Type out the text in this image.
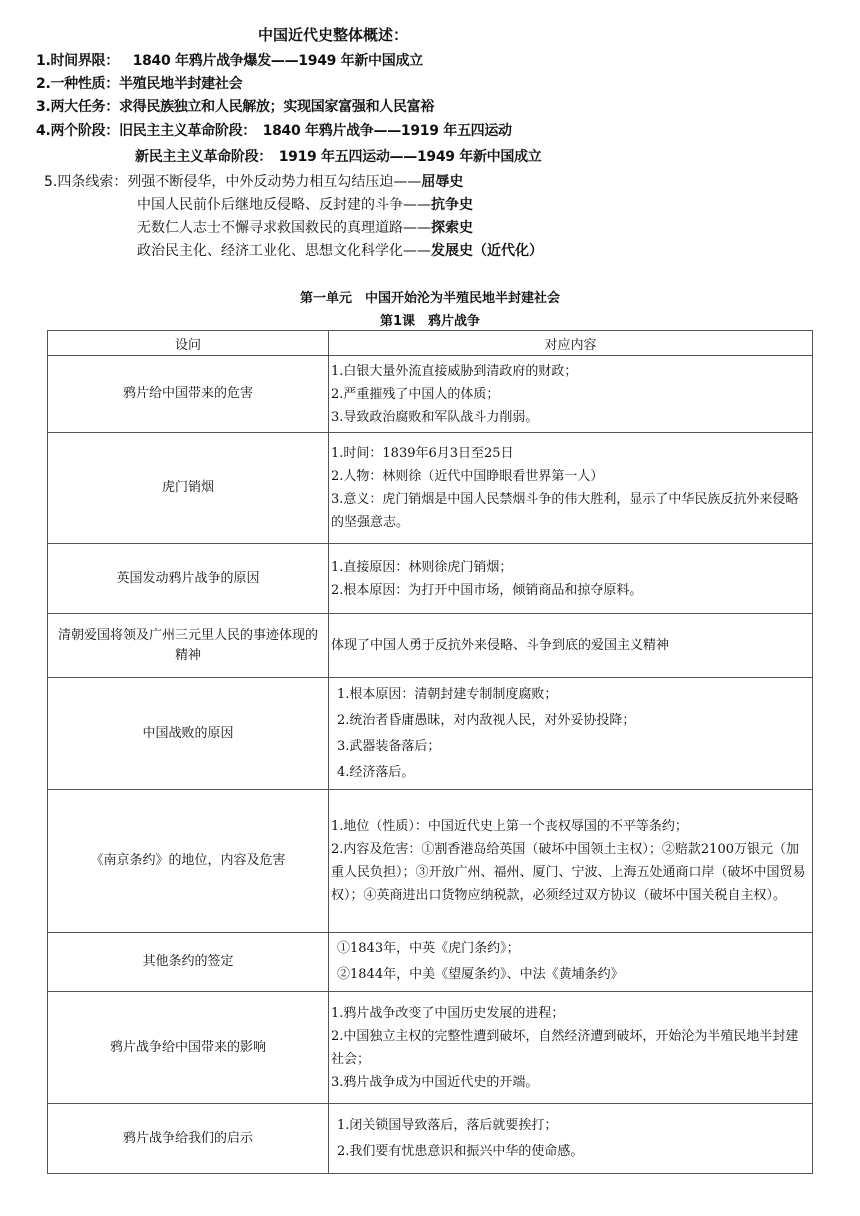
中国近代史整体概述：
1.时间界限：　1840 年鸦片战争爆发——1949 年新中国成立
2.一种性质：半殖民地半封建社会
3.两大任务：求得民族独立和人民解放；实现国家富强和人民富裕
4.两个阶段：旧民主主义革命阶段：　1840 年鸦片战争——1919 年五四运动
新民主主义革命阶段：　1919 年五四运动——1949 年新中国成立
5.四条线索：列强不断侵华，中外反动势力相互勾结压迫——屈辱史
中国人民前仆后继地反侵略、反封建的斗争——抗争史
无数仁人志士不懈寻求救国救民的真理道路——探索史
政治民主化、经济工业化、思想文化科学化——发展史（近代化）
第一单元　中国开始沦为半殖民地半封建社会
第1课　鸦片战争
设问	对应内容
鸦片给中国带来的危害	1.白银大量外流直接威胁到清政府的财政；
2.严重摧残了中国人的体质；
3.导致政治腐败和军队战斗力削弱。

虎门销烟	1.时间：1839年6月3日至25日
2.人物：林则徐（近代中国睁眼看世界第一人）
3.意义：虎门销烟是中国人民禁烟斗争的伟大胜利，显示了中华民族反抗外来侵略的坚强意志。

英国发动鸦片战争的原因	1.直接原因：林则徐虎门销烟；
2.根本原因：为打开中国市场，倾销商品和掠夺原料。

清朝爱国将领及广州三元里人民的事迹体现的精神	体现了中国人勇于反抗外来侵略、斗争到底的爱国主义精神

中国战败的原因	1.根本原因：清朝封建专制制度腐败；
2.统治者昏庸愚昧，对内敌视人民，对外妥协投降；
3.武器装备落后；
4.经济落后。

《南京条约》的地位，内容及危害	1.地位（性质）：中国近代史上第一个丧权辱国的不平等条约；
2.内容及危害：①割香港岛给英国（破坏中国领土主权）；②赔款2100万银元（加重人民负担）；③开放广州、福州、厦门、宁波、上海五处通商口岸（破坏中国贸易权）；④英商进出口货物应纳税款，必须经过双方协议（破坏中国关税自主权）。

其他条约的签定	①1843年，中英《虎门条约》；
②1844年，中美《望厦条约》、中法《黄埔条约》

鸦片战争给中国带来的影响	1.鸦片战争改变了中国历史发展的进程；
2.中国独立主权的完整性遭到破坏，自然经济遭到破坏，开始沦为半殖民地半封建社会；
3.鸦片战争成为中国近代史的开端。

鸦片战争给我们的启示	1.闭关锁国导致落后，落后就要挨打；
2.我们要有忧患意识和振兴中华的使命感。
